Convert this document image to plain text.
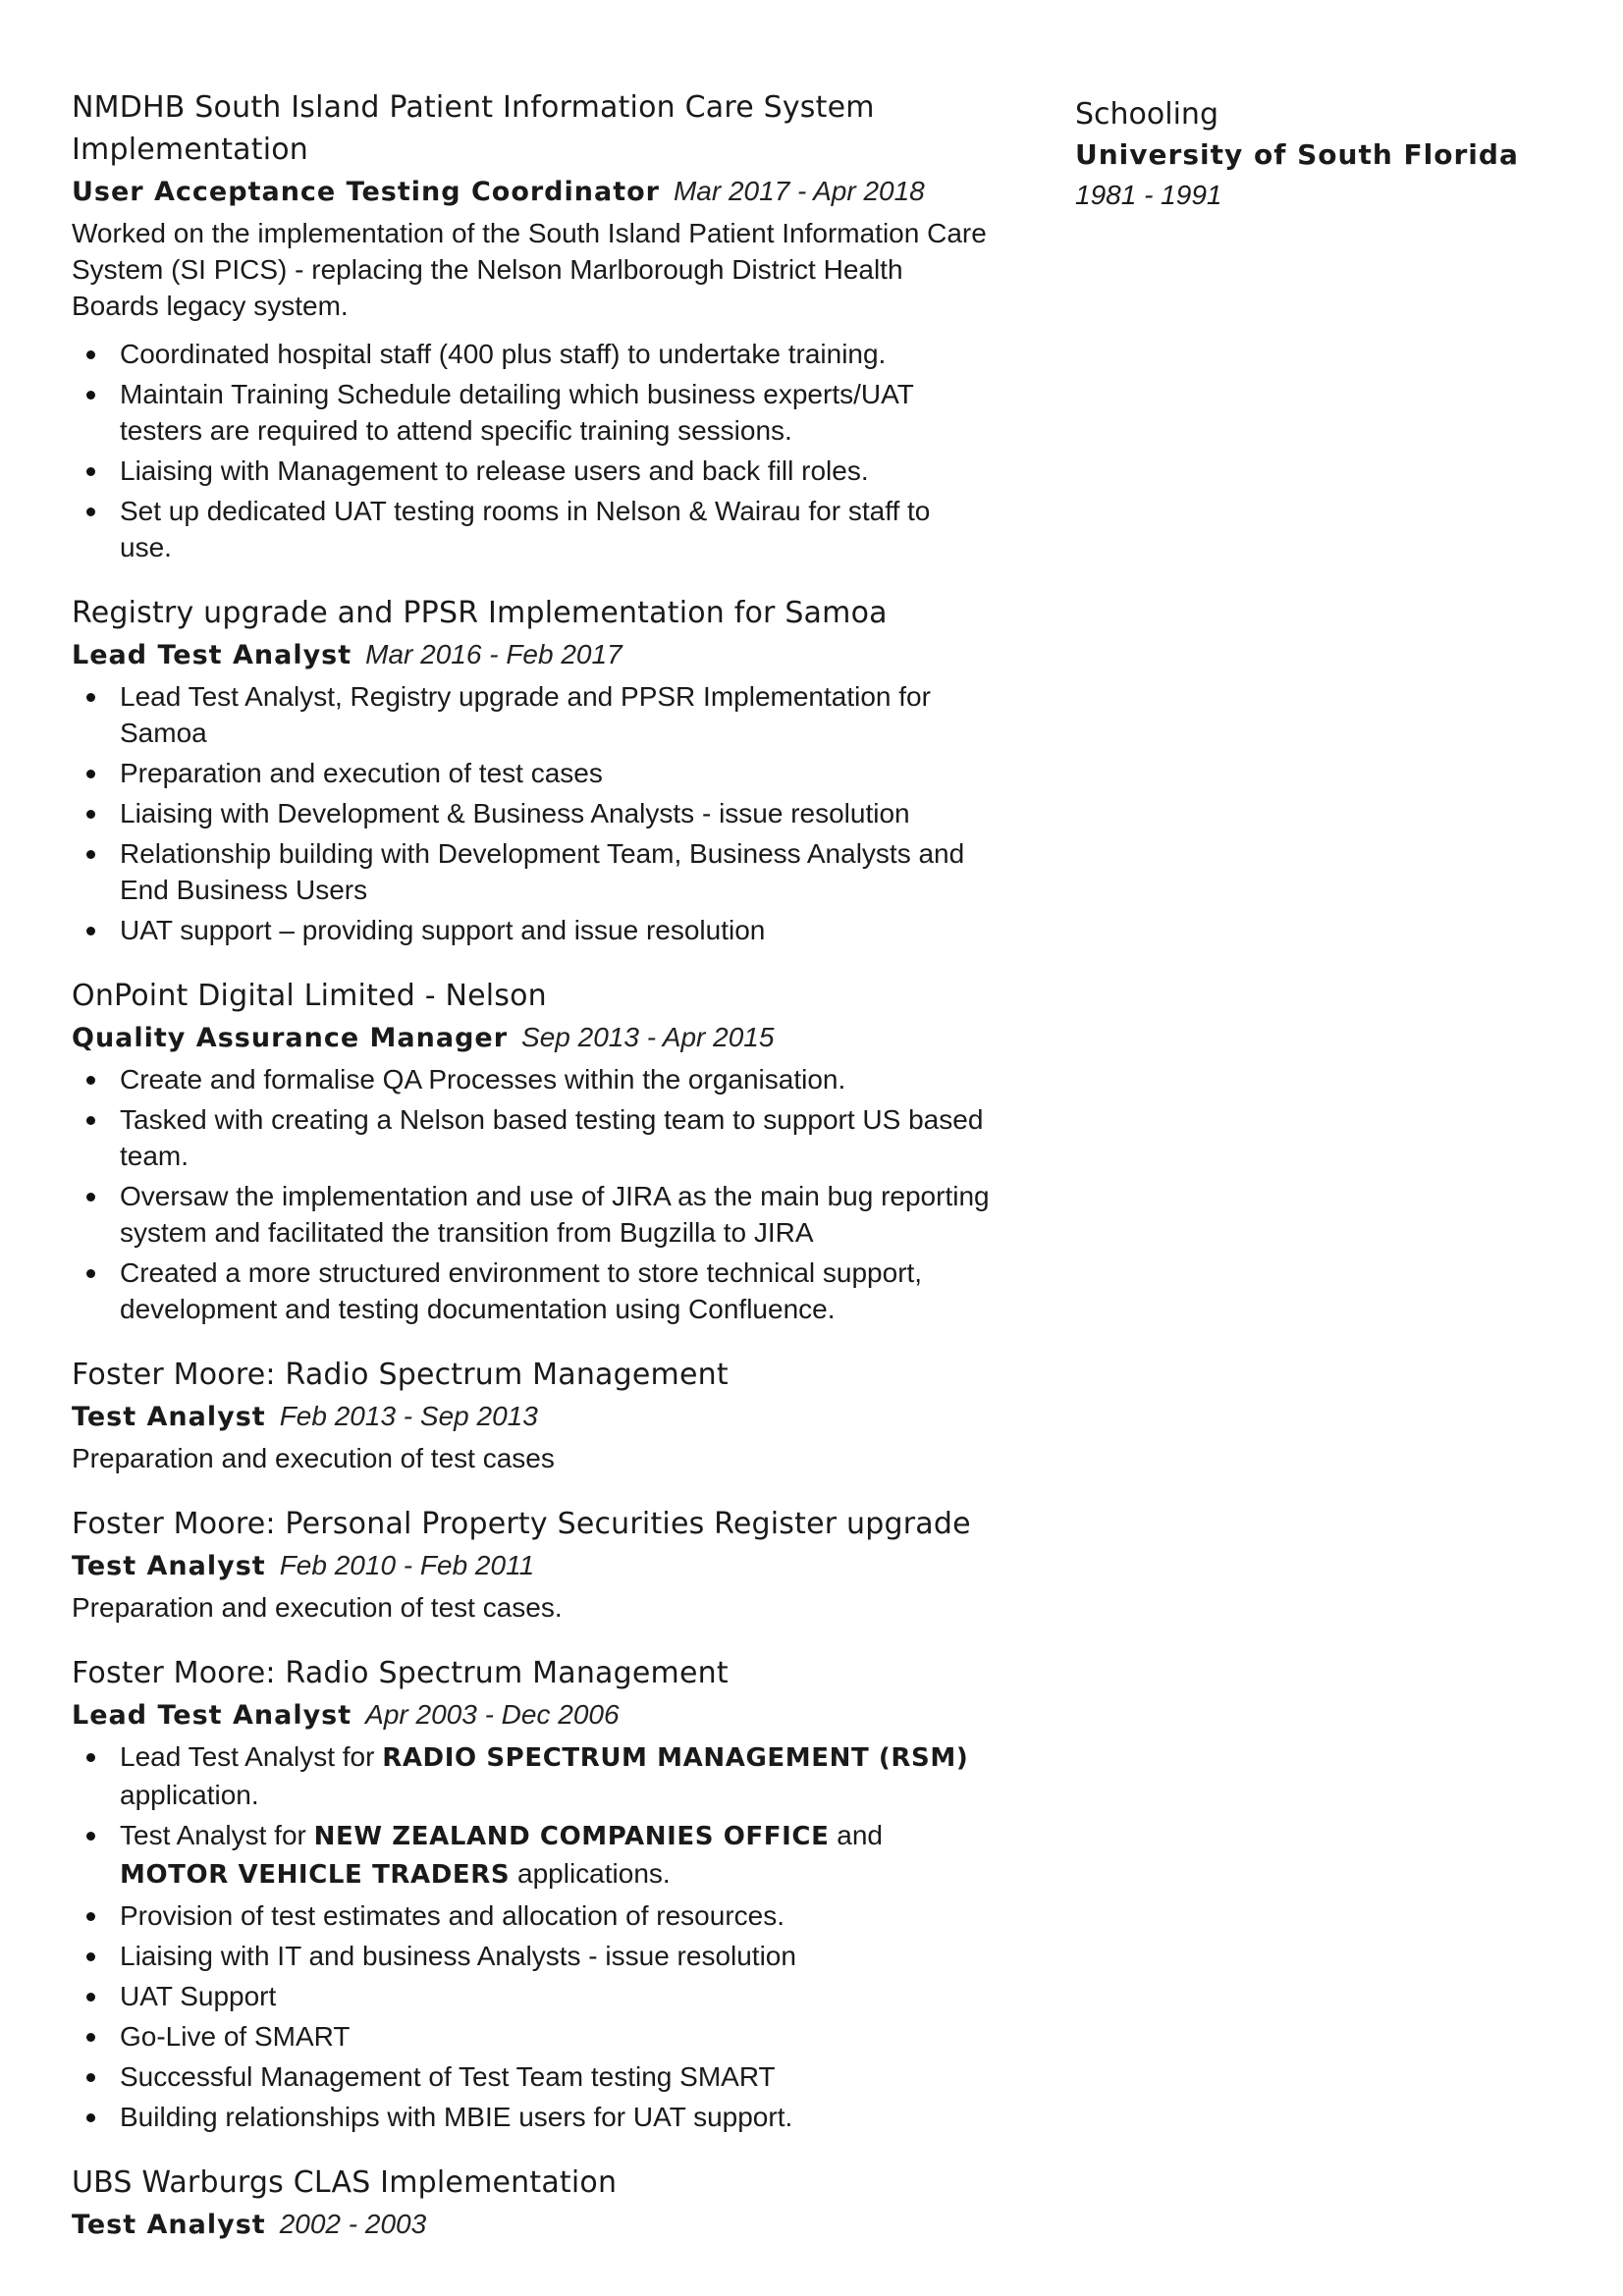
NMDHB South Island Patient Information Care System Implementation
User Acceptance Testing Coordinator Mar 2017 - Apr 2018

Worked on the implementation of the South Island Patient Information Care System (SI PICS) - replacing the Nelson Marlborough District Health Boards legacy system.

Coordinated hospital staff (400 plus staff) to undertake training.
Maintain Training Schedule detailing which business experts/UAT testers are required to attend specific training sessions.
Liaising with Management to release users and back fill roles.
Set up dedicated UAT testing rooms in Nelson & Wairau for staff to use.
Registry upgrade and PPSR Implementation for Samoa
Lead Test Analyst Mar 2016 - Feb 2017
Lead Test Analyst, Registry upgrade and PPSR Implementation for Samoa
Preparation and execution of test cases
Liaising with Development & Business Analysts - issue resolution
Relationship building with Development Team, Business Analysts and End Business Users
UAT support – providing support and issue resolution
OnPoint Digital Limited - Nelson
Quality Assurance Manager Sep 2013 - Apr 2015
Create and formalise QA Processes within the organisation.
Tasked with creating a Nelson based testing team to support US based team.
Oversaw the implementation and use of JIRA as the main bug reporting system and facilitated the transition from Bugzilla to JIRA
Created a more structured environment to store technical support, development and testing documentation using Confluence.
Foster Moore: Radio Spectrum Management
Test Analyst Feb 2013 - Sep 2013

Preparation and execution of test cases

Foster Moore: Personal Property Securities Register upgrade
Test Analyst Feb 2010 - Feb 2011

Preparation and execution of test cases.

Foster Moore: Radio Spectrum Management
Lead Test Analyst Apr 2003 - Dec 2006
Lead Test Analyst for RADIO SPECTRUM MANAGEMENT (RSM) application.
Test Analyst for NEW ZEALAND COMPANIES OFFICE and MOTOR VEHICLE TRADERS applications.
Provision of test estimates and allocation of resources.
Liaising with IT and business Analysts - issue resolution
UAT Support
Go-Live of SMART
Successful Management of Test Team testing SMART
Building relationships with MBIE users for UAT support.
UBS Warburgs CLAS Implementation
Test Analyst 2002 - 2003
Schooling

University of South Florida

1981 - 1991
